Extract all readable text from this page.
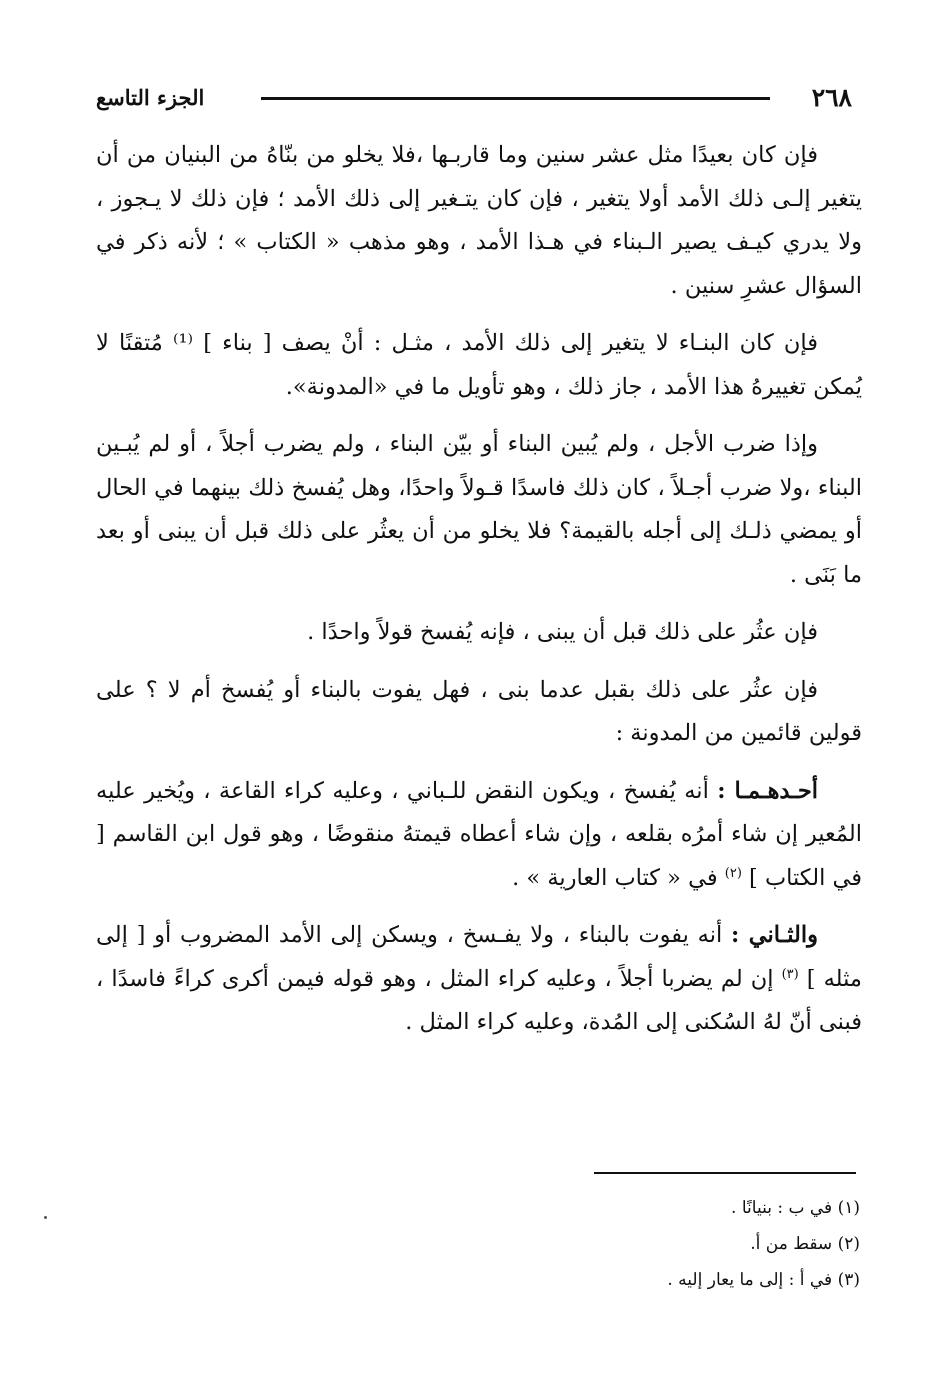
٢٦٨
الجزء التاسع

فإن كان بعيدًا مثل عشر سنين وما قاربـها ،فلا يخلو من بنّاهُ من البنيان من أن يتغير إلـى ذلك الأمد أولا يتغير ، فإن كان يتـغير إلى ذلك الأمد ؛ فإن ذلك لا يـجوز ، ولا يدري كيـف يصير الـبناء في هـذا الأمد ، وهو مذهب « الكتاب » ؛ لأنه ذكر في السؤال عشرِ سنين .

فإن كان البنـاء لا يتغير إلى ذلك الأمد ، مثـل : أنْ يصف [ بناء ] ⁽¹⁾ مُتقنًا لا يُمكن تغييرهُ هذا الأمد ، جاز ذلك ، وهو تأويل ما في «المدونة».

وإذا ضرب الأجل ، ولم يُبين البناء أو بيّن البناء ، ولم يضرب أجلاً ، أو لم يُبـين البناء ،ولا ضرب أجـلاً ، كان ذلك فاسدًا قـولاً واحدًا، وهل يُفسخ ذلك بينهما في الحال أو يمضي ذلـك إلى أجله بالقيمة؟ فلا يخلو من أن يعثُر على ذلك قبل أن يبنى أو بعد ما بَنَى .

فإن عثُر على ذلك قبل أن يبنى ، فإنه يُفسخ قولاً واحدًا .

فإن عثُر على ذلك بقبل عدما بنى ، فهل يفوت بالبناء أو يُفسخ أم لا ؟ على قولين قائمين من المدونة :

أحـدهـمـا : أنه يُفسخ ، ويكون النقض للـباني ، وعليه كراء القاعة ، ويُخير عليه المُعير إن شاء أمرُه بقلعه ، وإن شاء أعطاه قيمتهُ منقوضًا ، وهو قول ابن القاسم [ في الكتاب ] $^{(٢)}$ في « كتاب العارية » .

والثـاني : أنه يفوت بالبناء ، ولا يفـسخ ، ويسكن إلى الأمد المضروب أو [ إلى مثله ] $^{(٣)}$ إن لم يضربا أجلاً ، وعليه كراء المثل ، وهو قوله فيمن أكرى كراءً فاسدًا ، فبنى أنّ لهُ السُكنى إلى المُدة، وعليه كراء المثل .

(١) في ب : بنيانًا .
(٢) سقط من أ.
(٣) في أ : إلى ما يعار إليه .
